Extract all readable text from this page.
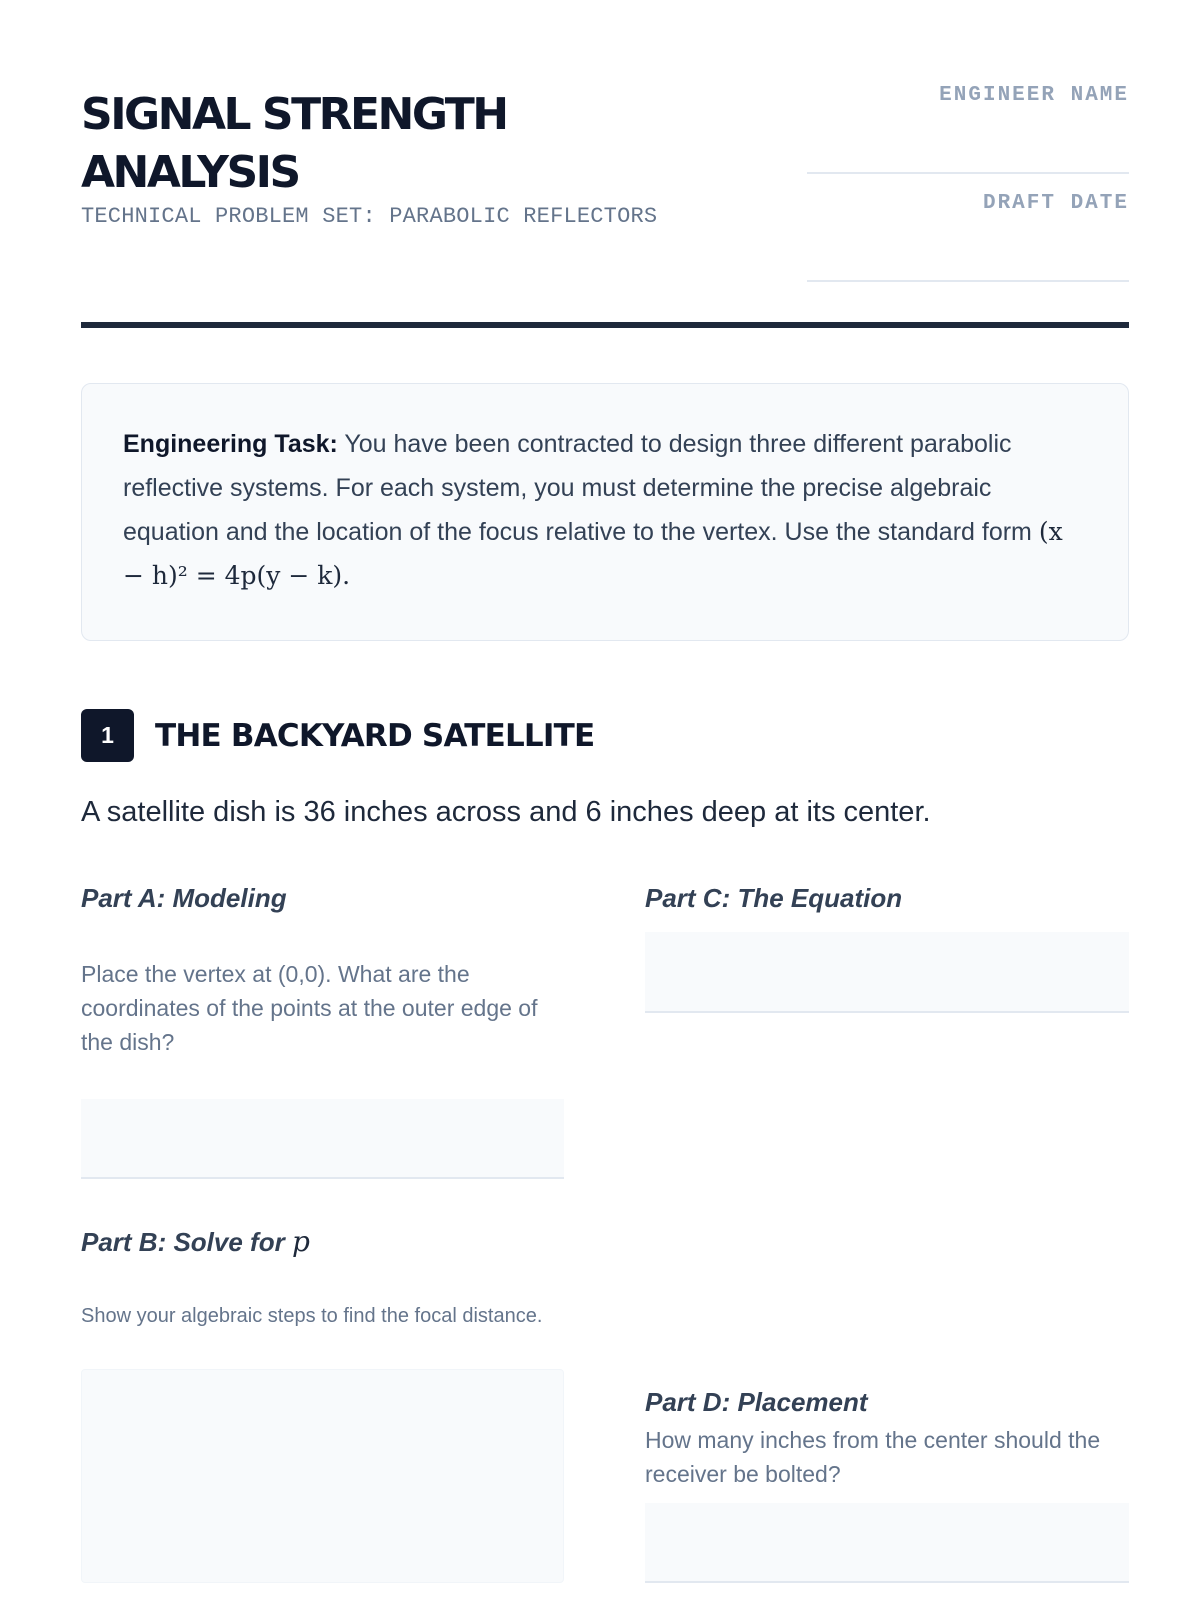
SIGNAL STRENGTH
ANALYSIS
TECHNICAL PROBLEM SET: PARABOLIC REFLECTORS
ENGINEER NAME
DRAFT DATE

Engineering Task: You have been contracted to design three different parabolic reflective systems. For each system, you must determine the precise algebraic equation and the location of the focus relative to the vertex. Use the standard form (x − h)² = 4p(y − k).

1	THE BACKYARD SATELLITE
A satellite dish is 36 inches across and 6 inches deep at its center.
Part A: Modeling
Place the vertex at (0,0). What are the coordinates of the points at the outer edge of the dish?
Part B: Solve for p
Show your algebraic steps to find the focal distance.
Part C: The Equation
Part D: Placement
How many inches from the center should the receiver be bolted?
